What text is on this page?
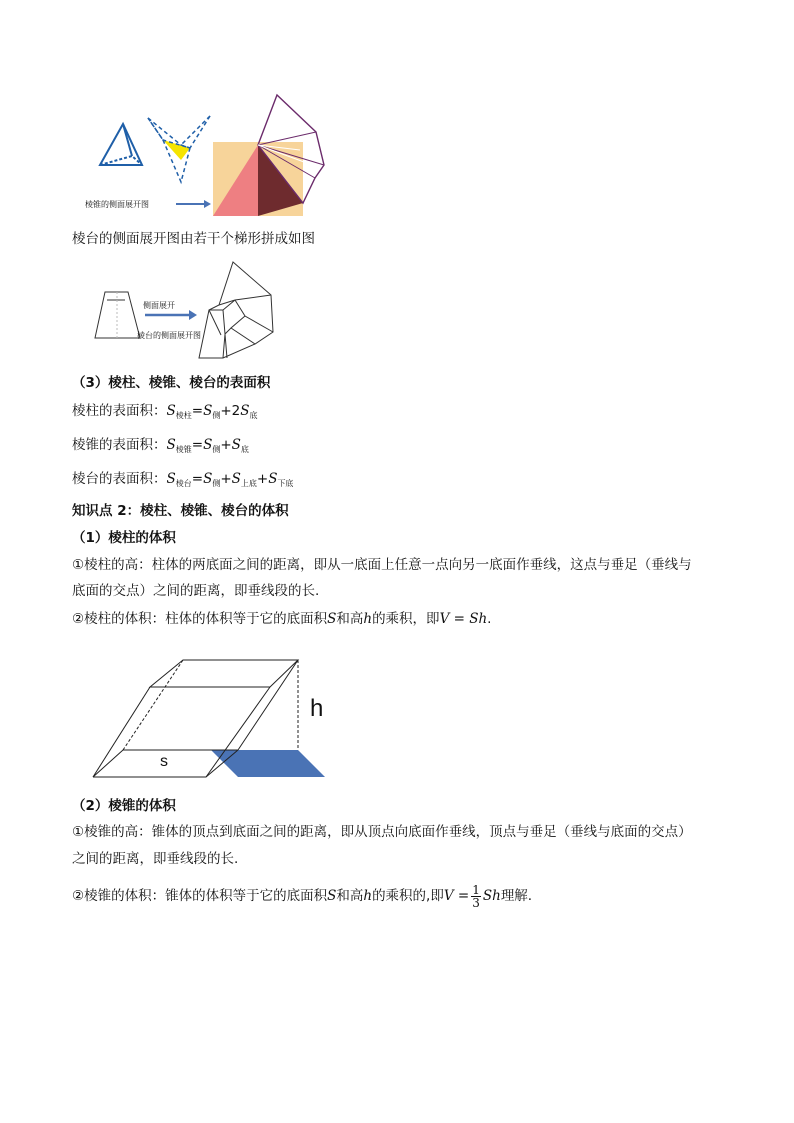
棱锥的侧面展开图
棱台的侧面展开图由若干个梯形拼成如图
侧面展开
棱台的侧面展开图
（3）棱柱、棱锥、棱台的表面积
棱柱的表面积：$S_{棱柱}=S_侧+2S_底$
棱锥的表面积：$S_{棱锥}=S_侧+S_底$
棱台的表面积：$S_{棱台}=S_侧+S_{上底}+S_{下底}$
知识点 2：棱柱、棱锥、棱台的体积
（1）棱柱的体积
①棱柱的高：柱体的两底面之间的距离，即从一底面上任意一点向另一底面作垂线，这点与垂足（垂线与
底面的交点）之间的距离，即垂线段的长.
②棱柱的体积：柱体的体积等于它的底面积S和高h的乘积，即V = Sh.
h
s
（2）棱锥的体积
①棱锥的高：锥体的顶点到底面之间的距离，即从顶点向底面作垂线，顶点与垂足（垂线与底面的交点）
之间的距离，即垂线段的长.
②棱锥的体积：锥体的体积等于它的底面积S和高h的乘积的,即$V = \frac{1}{3}$ Sh理解.
